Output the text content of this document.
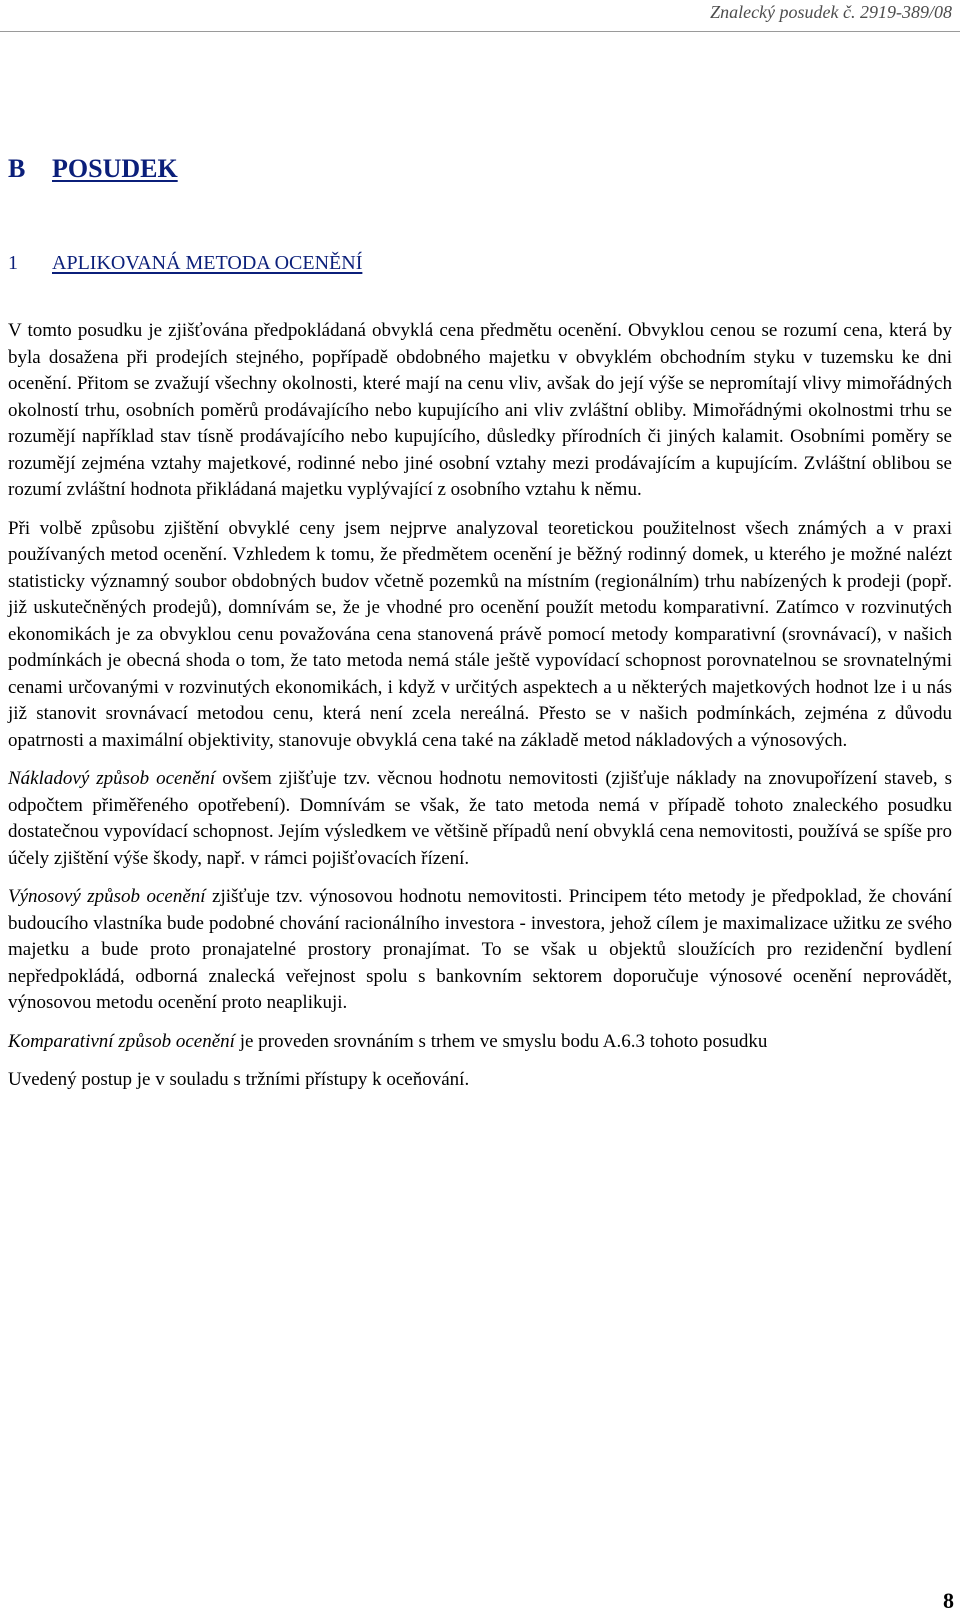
Znalecký posudek č. 2919-389/08
B POSUDEK
1 APLIKOVANÁ METODA OCENĚNÍ

V tomto posudku je zjišťována předpokládaná obvyklá cena předmětu ocenění. Obvyklou cenou se rozumí cena, která by byla dosažena při prodejích stejného, popřípadě obdobného majetku v obvyklém obchodním styku v tuzemsku ke dni ocenění. Přitom se zvažují všechny okolnosti, které mají na cenu vliv, avšak do její výše se nepromítají vlivy mimořádných okolností trhu, osobních poměrů prodávajícího nebo kupujícího ani vliv zvláštní obliby. Mimořádnými okolnostmi trhu se rozumějí například stav tísně prodávajícího nebo kupujícího, důsledky přírodních či jiných kalamit. Osobními poměry se rozumějí zejména vztahy majetkové, rodinné nebo jiné osobní vztahy mezi prodávajícím a kupujícím. Zvláštní oblibou se rozumí zvláštní hodnota přikládaná majetku vyplývající z osobního vztahu k němu.

Při volbě způsobu zjištění obvyklé ceny jsem nejprve analyzoval teoretickou použitelnost všech známých a v praxi používaných metod ocenění. Vzhledem k tomu, že předmětem ocenění je běžný rodinný domek, u kterého je možné nalézt statisticky významný soubor obdobných budov včetně pozemků na místním (regionálním) trhu nabízených k prodeji (popř. již uskutečněných prodejů), domnívám se, že je vhodné pro ocenění použít metodu komparativní. Zatímco v rozvinutých ekonomikách je za obvyklou cenu považována cena stanovená právě pomocí metody komparativní (srovnávací), v našich podmínkách je obecná shoda o tom, že tato metoda nemá stále ještě vypovídací schopnost porovnatelnou se srovnatelnými cenami určovanými v rozvinutých ekonomikách, i když v určitých aspektech a u některých majetkových hodnot lze i u nás již stanovit srovnávací metodou cenu, která není zcela nereálná. Přesto se v našich podmínkách, zejména z důvodu opatrnosti a maximální objektivity, stanovuje obvyklá cena také na základě metod nákladových a výnosových.

Nákladový způsob ocenění ovšem zjišťuje tzv. věcnou hodnotu nemovitosti (zjišťuje náklady na znovupořízení staveb, s odpočtem přiměřeného opotřebení). Domnívám se však, že tato metoda nemá v případě tohoto znaleckého posudku dostatečnou vypovídací schopnost. Jejím výsledkem ve většině případů není obvyklá cena nemovitosti, používá se spíše pro účely zjištění výše škody, např. v rámci pojišťovacích řízení.

Výnosový způsob ocenění zjišťuje tzv. výnosovou hodnotu nemovitosti. Principem této metody je předpoklad, že chování budoucího vlastníka bude podobné chování racionálního investora - investora, jehož cílem je maximalizace užitku ze svého majetku a bude proto pronajatelné prostory pronajímat. To se však u objektů sloužících pro rezidenční bydlení nepředpokládá, odborná znalecká veřejnost spolu s bankovním sektorem doporučuje výnosové ocenění neprovádět, výnosovou metodu ocenění proto neaplikuji.

Komparativní způsob ocenění je proveden srovnáním s trhem ve smyslu bodu A.6.3 tohoto posudku

Uvedený postup je v souladu s tržními přístupy k oceňování.

8
